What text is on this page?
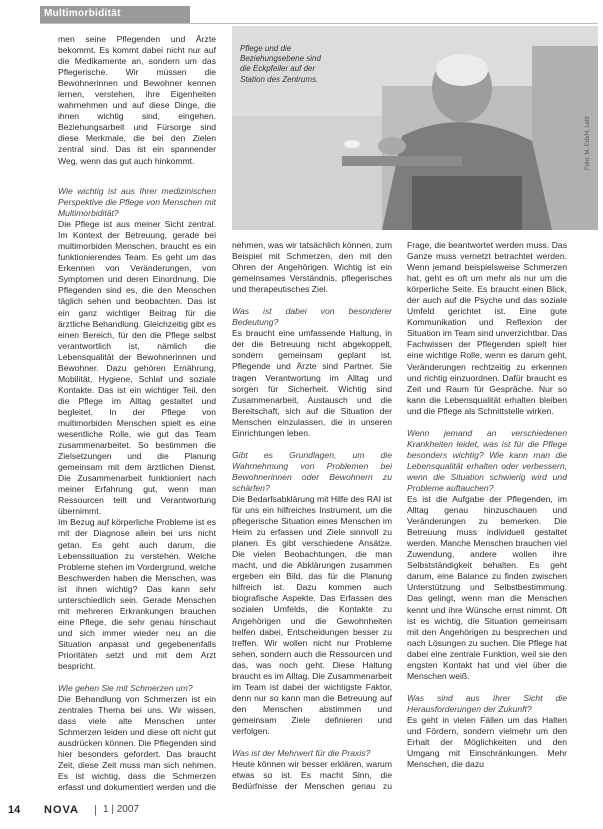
Multimorbidität
Pflege und die Beziehungsebene sind die Eckpfeiler auf der Station des Zentrums.
Foto: M. Erb/H. Lettl

men seine Pflegenden und Ärzte bekommt. Es kommt dabei nicht nur auf die Medikamente an, sondern um das Pflegerische. Wir müssen die Bewohnerinnen und Bewohner kennen lernen, verstehen, ihre Eigenheiten wahrnehmen und auf diese Dinge, die ihnen wichtig sind, eingehen. Beziehungsarbeit und Fürsorge sind diese Merkmale, die bei den Zielen zentral sind. Das ist ein spannender Weg, wenn das gut auch hinkommt.

Wie wichtig ist aus Ihrer medizinischen Perspektive die Pflege von Menschen mit Multimorbidität?

Die Pflege ist aus meiner Sicht zentral. Im Kontext der Betreuung, gerade bei multimorbiden Menschen, braucht es ein funktionierendes Team. Es geht um das Erkennen von Veränderungen, von Symptomen und deren Einordnung. Die Pflegenden sind es, die den Menschen täglich sehen und beobachten. Das ist ein ganz wichtiger Beitrag für die ärztliche Behandlung. Gleichzeitig gibt es einen Bereich, für den die Pflege selbst verantwortlich ist, nämlich die Lebensqualität der Bewohnerinnen und Bewohner. Dazu gehören Ernährung, Mobilität, Hygiene, Schlaf und soziale Kontakte. Das ist ein wichtiger Teil, den die Pflege im Alltag gestaltet und begleitet. In der Pflege von multimorbiden Menschen spielt es eine wesentliche Rolle, wie gut das Team zusammenarbeitet. So bestimmen die Zielsetzungen und die Planung gemeinsam mit dem ärztlichen Dienst. Die Zusammenarbeit funktioniert nach meiner Erfahrung gut, wenn man Ressourcen teilt und Verantwortung übernimmt.

Im Bezug auf körperliche Probleme ist es mit der Diagnose allein bei uns nicht getan. Es geht auch darum, die Lebenssituation zu verstehen. Welche Probleme stehen im Vordergrund, welche Beschwerden haben die Menschen, was ist ihnen wichtig? Das kann sehr unterschiedlich sein. Gerade Menschen mit mehreren Erkrankungen brauchen eine Pflege, die sehr genau hinschaut und sich immer wieder neu an die Situation anpasst und gegebenenfalls Prioritäten setzt und mit dem Arzt bespricht.

Wie gehen Sie mit Schmerzen um?

Die Behandlung von Schmerzen ist ein zentrales Thema bei uns. Wir wissen, dass viele alte Menschen unter Schmerzen leiden und diese oft nicht gut ausdrücken können. Die Pflegenden sind hier besonders gefordert. Das braucht Zeit, diese Zeit muss man sich nehmen. Es ist wichtig, dass die Schmerzen erfasst und dokumentiert werden und die

nehmen, was wir tatsächlich können, zum Beispiel mit Schmerzen, den mit den Ohren der Angehörigen. Wichtig ist ein gemeinsames Verständnis, pflegerisches und therapeutisches Ziel.

Was ist dabei von besonderer Bedeutung?

Es braucht eine umfassende Haltung, in der die Betreuung nicht abgekoppelt, sondern gemeinsam geplant ist. Pflegende und Ärzte sind Partner. Sie tragen Verantwortung im Alltag und sorgen für Sicherheit. Wichtig sind Zusammenarbeit, Austausch und die Bereitschaft, sich auf die Situation der Menschen einzulassen, die in unseren Einrichtungen leben.

Gibt es Grundlagen, um die Wahrnehmung von Problemen bei Bewohnerinnen oder Bewohnern zu schärfen?

Die Bedarfsabklärung mit Hilfe des RAI ist für uns ein hilfreiches Instrument, um die pflegerische Situation eines Menschen im Heim zu erfassen und Ziele sinnvoll zu planen. Es gibt verschiedene Ansätze. Die vielen Beobachtungen, die man macht, und die Abklärungen zusammen ergeben ein Bild, das für die Planung hilfreich ist. Dazu kommen auch biografische Aspekte. Das Erfassen des sozialen Umfelds, die Kontakte zu Angehörigen und die Gewohnheiten helfen dabei, Entscheidungen besser zu treffen. Wir wollen nicht nur Probleme sehen, sondern auch die Ressourcen und das, was noch geht. Diese Haltung braucht es im Alltag. Die Zusammenarbeit im Team ist dabei der wichtigste Faktor, denn nur so kann man die Betreuung auf den Menschen abstimmen und gemeinsam Ziele definieren und verfolgen.

Was ist der Mehrwert für die Praxis?

Heute können wir besser erklären, warum etwas so ist. Es macht Sinn, die Bedürfnisse der Menschen genau zu

Frage, die beantwortet werden muss. Das Ganze muss vernetzt betrachtet werden. Wenn jemand beispielsweise Schmerzen hat, geht es oft um mehr als nur um die körperliche Seite. Es braucht einen Blick, der auch auf die Psyche und das soziale Umfeld gerichtet ist. Eine gute Kommunikation und Reflexion der Situation im Team sind unverzichtbar. Das Fachwissen der Pflegenden spielt hier eine wichtige Rolle, wenn es darum geht, Veränderungen rechtzeitig zu erkennen und richtig einzuordnen. Dafür braucht es Zeit und Raum für Gespräche. Nur so kann die Lebensqualität erhalten bleiben und die Pflege als Schnittstelle wirken.

Wenn jemand an verschiedenen Krankheiten leidet, was ist für die Pflege besonders wichtig? Wie kann man die Lebensqualität erhalten oder verbessern, wenn die Situation schwierig wird und Probleme auftauchen?

Es ist die Aufgabe der Pflegenden, im Alltag genau hinzuschauen und Veränderungen zu bemerken. Die Betreuung muss individuell gestaltet werden. Manche Menschen brauchen viel Zuwendung, andere wollen ihre Selbstständigkeit behalten. Es geht darum, eine Balance zu finden zwischen Unterstützung und Selbstbestimmung. Das gelingt, wenn man die Menschen kennt und ihre Wünsche ernst nimmt. Oft ist es wichtig, die Situation gemeinsam mit den Angehörigen zu besprechen und nach Lösungen zu suchen. Die Pflege hat dabei eine zentrale Funktion, weil sie den engsten Kontakt hat und viel über die Menschen weiß.

Was sind aus Ihrer Sicht die Herausforderungen der Zukunft?

Es geht in vielen Fällen um das Halten und Fördern, sondern vielmehr um den Erhalt der Möglichkeiten und den Umgang mit Einschränkungen. Mehr Menschen, die dazu

14 NOVA | 1 | 2007
